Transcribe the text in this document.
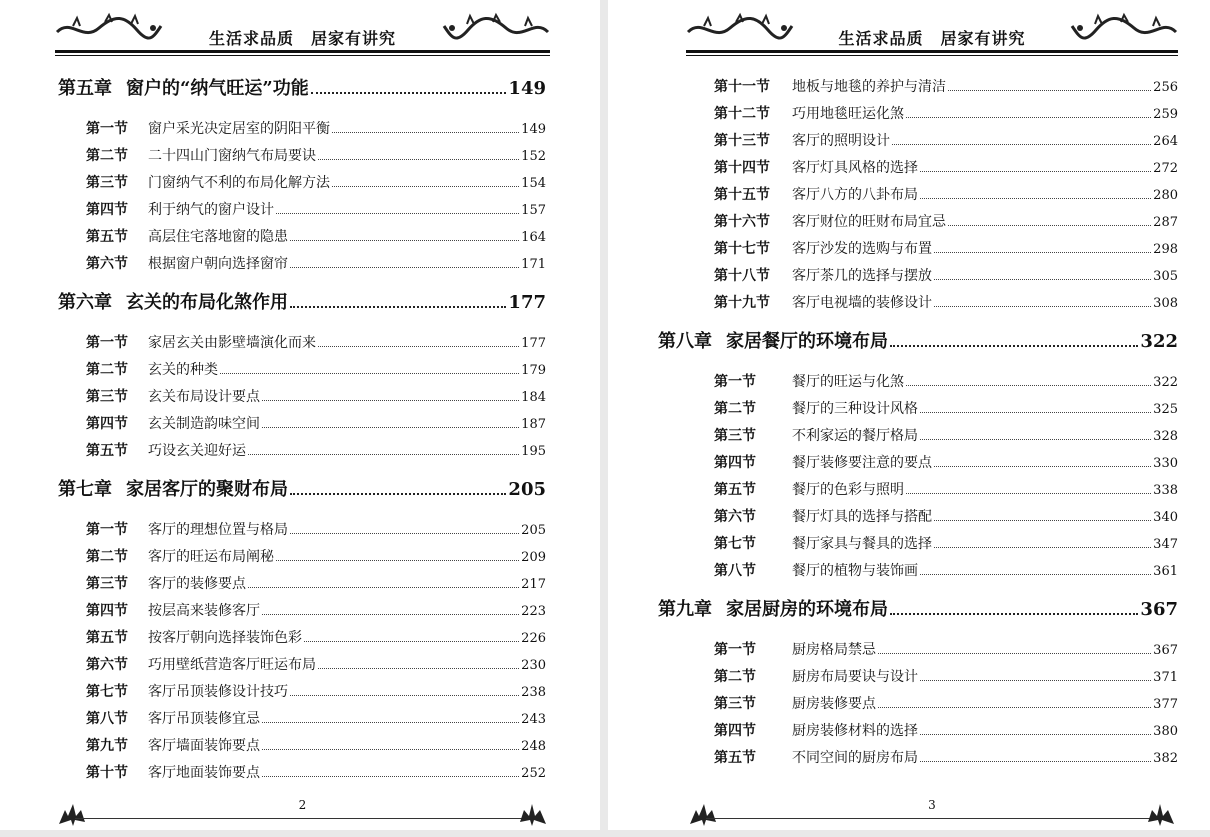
生活求品质　居家有讲究
第五章 窗户的“纳气旺运”功能	149
第一节	窗户采光决定居室的阴阳平衡	149
第二节	二十四山门窗纳气布局要诀	152
第三节	门窗纳气不利的布局化解方法	154
第四节	利于纳气的窗户设计	157
第五节	高层住宅落地窗的隐患	164
第六节	根据窗户朝向选择窗帘	171
第六章 玄关的布局化煞作用	177
第一节	家居玄关由影壁墙演化而来	177
第二节	玄关的种类	179
第三节	玄关布局设计要点	184
第四节	玄关制造韵味空间	187
第五节	巧设玄关迎好运	195
第七章 家居客厅的聚财布局	205
第一节	客厅的理想位置与格局	205
第二节	客厅的旺运布局阐秘	209
第三节	客厅的装修要点	217
第四节	按层高来装修客厅	223
第五节	按客厅朝向选择装饰色彩	226
第六节	巧用壁纸营造客厅旺运布局	230
第七节	客厅吊顶装修设计技巧	238
第八节	客厅吊顶装修宜忌	243
第九节	客厅墙面装饰要点	248
第十节	客厅地面装饰要点	252
2
生活求品质　居家有讲究
第十一节	地板与地毯的养护与清洁	256
第十二节	巧用地毯旺运化煞	259
第十三节	客厅的照明设计	264
第十四节	客厅灯具风格的选择	272
第十五节	客厅八方的八卦布局	280
第十六节	客厅财位的旺财布局宜忌	287
第十七节	客厅沙发的选购与布置	298
第十八节	客厅茶几的选择与摆放	305
第十九节	客厅电视墙的装修设计	308
第八章 家居餐厅的环境布局	322
第一节	餐厅的旺运与化煞	322
第二节	餐厅的三种设计风格	325
第三节	不利家运的餐厅格局	328
第四节	餐厅装修要注意的要点	330
第五节	餐厅的色彩与照明	338
第六节	餐厅灯具的选择与搭配	340
第七节	餐厅家具与餐具的选择	347
第八节	餐厅的植物与装饰画	361
第九章 家居厨房的环境布局	367
第一节	厨房格局禁忌	367
第二节	厨房布局要诀与设计	371
第三节	厨房装修要点	377
第四节	厨房装修材料的选择	380
第五节	不同空间的厨房布局	382
3
